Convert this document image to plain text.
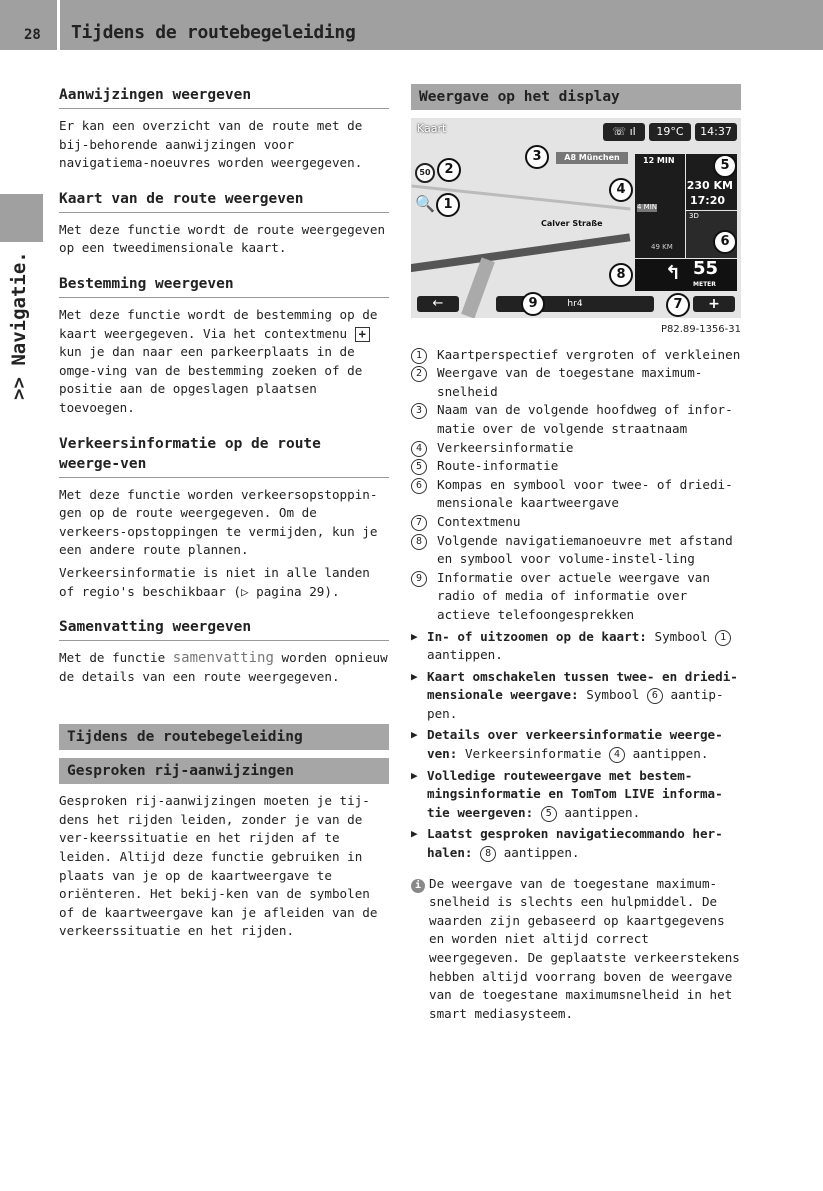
28 Tijdens de routebegeleiding
>> Navigatie.
Aanwijzingen weergeven

Er kan een overzicht van de route met de bij-behorende aanwijzingen voor navigatiema-noeuvres worden weergegeven.

Kaart van de route weergeven

Met deze functie wordt de route weergegeven op een tweedimensionale kaart.

Bestemming weergeven

Met deze functie wordt de bestemming op de kaart weergegeven. Via het contextmenu + kun je dan naar een parkeerplaats in de omge-ving van de bestemming zoeken of de positie aan de opgeslagen plaatsen toevoegen.

Verkeersinformatie op de route weerge-ven

Met deze functie worden verkeersopstoppin-gen op de route weergegeven. Om de verkeers-opstoppingen te vermijden, kun je een andere route plannen.

Verkeersinformatie is niet in alle landen of regio's beschikbaar (▷ pagina 29).

Samenvatting weergeven

Met de functie samenvatting worden opnieuw de details van een route weergegeven.

Tijdens de routebegeleiding
Gesproken rij-aanwijzingen

Gesproken rij-aanwijzingen moeten je tij-dens het rijden leiden, zonder je van de ver-keerssituatie en het rijden af te leiden. Altijd deze functie gebruiken in plaats van je op de kaartweergave te oriënteren. Het bekij-ken van de symbolen of de kaartweergave kan je afleiden van de verkeerssituatie en het rijden.

Weergave op het display
Kaart	☏ ıl	19°C	14:37
A8 München
Calver Straße
50
🔍
12 MIN
4 MIN
49 KM
230 KM
17:20
3D
↰ 55
METER
←	hr4	+
1
2
3
4
5
6
7
8
9
P82.89-1356-31
1	Kaartperspectief vergroten of verkleinen
2	Weergave van de toegestane maximum-snelheid
3	Naam van de volgende hoofdweg of infor-matie over de volgende straatnaam
4	Verkeersinformatie
5	Route-informatie
6	Kompas en symbool voor twee- of driedi-mensionale kaartweergave
7	Contextmenu
8	Volgende navigatiemanoeuvre met afstand en symbool voor volume-instel-ling
9	Informatie over actuele weergave van radio of media of informatie over actieve telefoongesprekken
▶ In- of uitzoomen op de kaart: Symbool 1 aantippen.
▶ Kaart omschakelen tussen twee- en driedi-mensionale weergave: Symbool 6 aantip-pen.
▶ Details over verkeersinformatie weerge-ven: Verkeersinformatie 4 aantippen.
▶ Volledige routeweergave met bestem-mingsinformatie en TomTom LIVE informa-tie weergeven: 5 aantippen.
▶ Laatst gesproken navigatiecommando her-halen: 8 aantippen.
i De weergave van de toegestane maximum-snelheid is slechts een hulpmiddel. De waarden zijn gebaseerd op kaartgegevens en worden niet altijd correct weergegeven. De geplaatste verkeerstekens hebben altijd voorrang boven de weergave van de toegestane maximumsnelheid in het smart mediasysteem.
